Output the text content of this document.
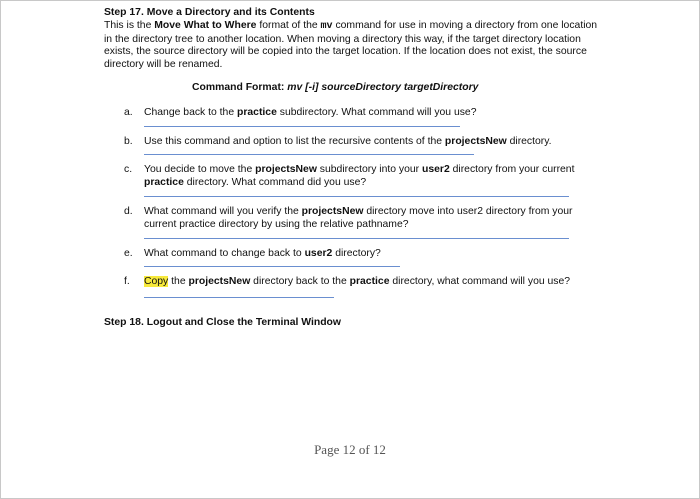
Step 17. Move a Directory and its Contents

This is the Move What to Where format of the mv command for use in moving a directory from one location in the directory tree to another location. When moving a directory this way, if the target directory location exists, the source directory will be copied into the target location. If the location does not exist, the source directory will be renamed.

Command Format: mv [-i] sourceDirectory targetDirectory
a. Change back to the practice subdirectory. What command will you use?
b. Use this command and option to list the recursive contents of the projectsNew directory.
c. You decide to move the projectsNew subdirectory into your user2 directory from your current practice directory. What command did you use?
d. What command will you verify the projectsNew directory move into user2 directory from your current practice directory by using the relative pathname?
e. What command to change back to user2 directory?
f. Copy the projectsNew directory back to the practice directory, what command will you use?
Step 18. Logout and Close the Terminal Window
Page 12 of 12
